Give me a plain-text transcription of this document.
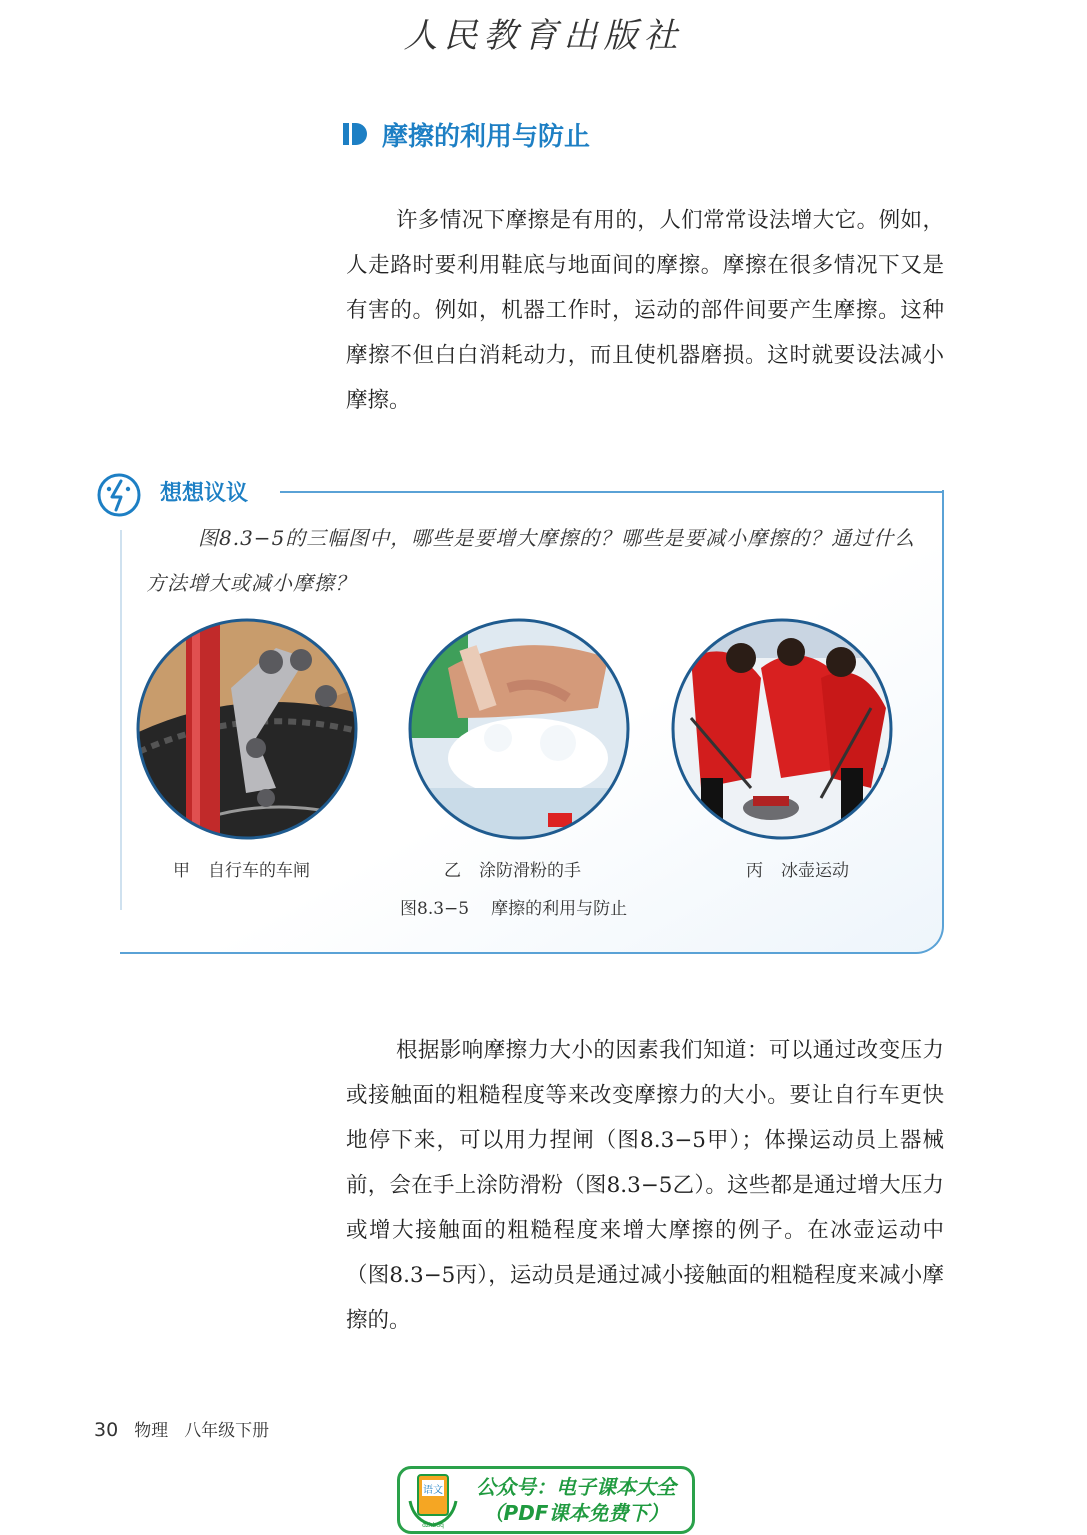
人民教育出版社
摩擦的利用与防止
许多情况下摩擦是有用的，人们常常设法增大它。例如，人走路时要利用鞋底与地面间的摩擦。摩擦在很多情况下又是有害的。例如，机器工作时，运动的部件间要产生摩擦。这种摩擦不但白白消耗动力，而且使机器磨损。这时就要设法减小摩擦。
想想议议
图8.3−5的三幅图中，哪些是要增大摩擦的？哪些是要减小摩擦的？通过什么方法增大或减小摩擦？
甲 自行车的车闸	乙 涂防滑粉的手	丙 冰壶运动
图8.3−5 摩擦的利用与防止
根据影响摩擦力大小的因素我们知道：可以通过改变压力或接触面的粗糙程度等来改变摩擦力的大小。要让自行车更快地停下来，可以用力捏闸（图8.3−5甲）；体操运动员上器械前，会在手上涂防滑粉（图8.3−5乙）。这些都是通过增大压力或增大接触面的粗糙程度来增大摩擦的例子。在冰壶运动中（图8.3−5丙），运动员是通过减小接触面的粗糙程度来减小摩擦的。
30 物理 八年级下册
语文
dzkbdq
公众号：电子课本大全
（PDF课本免费下）
